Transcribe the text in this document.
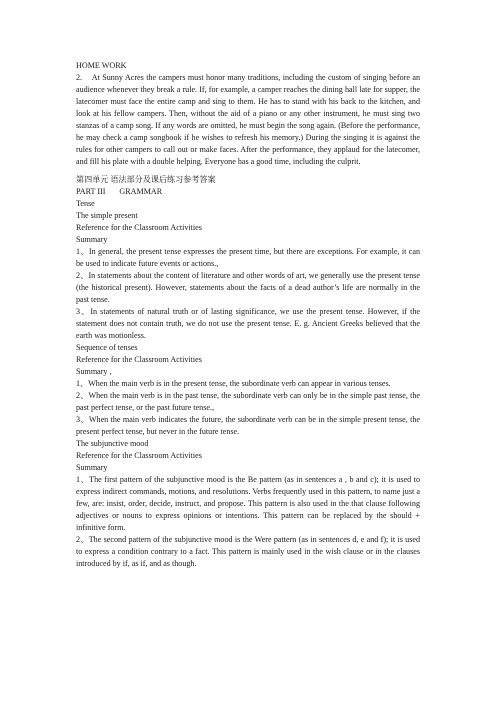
HOME WORK
2.    At Sunny Acres the campers must honor many traditions, including the custom of singing before an audience whenever they break a rule. If, for example, a camper reaches the dining hall late for supper, the latecomer must face the entire camp and sing to them. He has to stand with his back to the kitchen, and look at his fellow campers. Then, without the aid of a piano or any other instrument, he must sing two stanzas of a camp song. If any words are omitted, he must begin the song again. (Before the performance, he may check a camp songbook if he wishes to refresh his memory.) During the singing it is against the rules for other campers to call out or make faces. After the performance, they applaud for the latecomer, and fill his plate with a double helping. Everyone has a good time, including the culprit.
第四单元 语法部分及课后练习参考答案
PART III GRAMMAR
Tense
The simple present
Reference for the Classroom Activities
Summary
1、In general, the present tense expresses the present time, but there are exceptions. For example, it can be used to indicate future events or actions.,
2、In statements about the content of literature and other words of art, we generally use the present tense (the historical present). However, statements about the facts of a dead author’s life are normally in the past tense.
3、In statements of natural truth or of lasting significance, we use the present tense. However, if the statement does not contain truth, we do not use the present tense. E. g. Ancient Greeks believed that the earth was motionless.
Sequence of tenses
Reference for the Classroom Activities
Summary ,
1、When the main verb is in the present tense, the subordinate verb can appear in various tenses.
2、When the main verb is in the past tense, the subordinate verb can only be in the simple past tense, the past perfect tense, or the past future tense.,
3、When the main verb indicates the future, the subordinate verb can be in the simple present tense, the present perfect tense, but never in the future tense.
The subjunctive mood
Reference for the Classroom Activities
Summary
1、The first pattern of the subjunctive mood is the Be pattern (as in sentences a , b and c); it is used to express indirect commands, motions, and resolutions. Verbs frequently used in this pattern, to name just a few, are: insist, order, decide, instruct, and propose. This pattern is also used in the that clause following adjectives or nouns to express opinions or intentions. This pattern can be replaced by the should + infinitive form.
2、The second pattern of the subjunctive mood is the Were pattern (as in sentences d, e and f); it is used to express a condition contrary to a fact. This pattern is mainly used in the wish clause or in the clauses introduced by if, as if, and as though.
